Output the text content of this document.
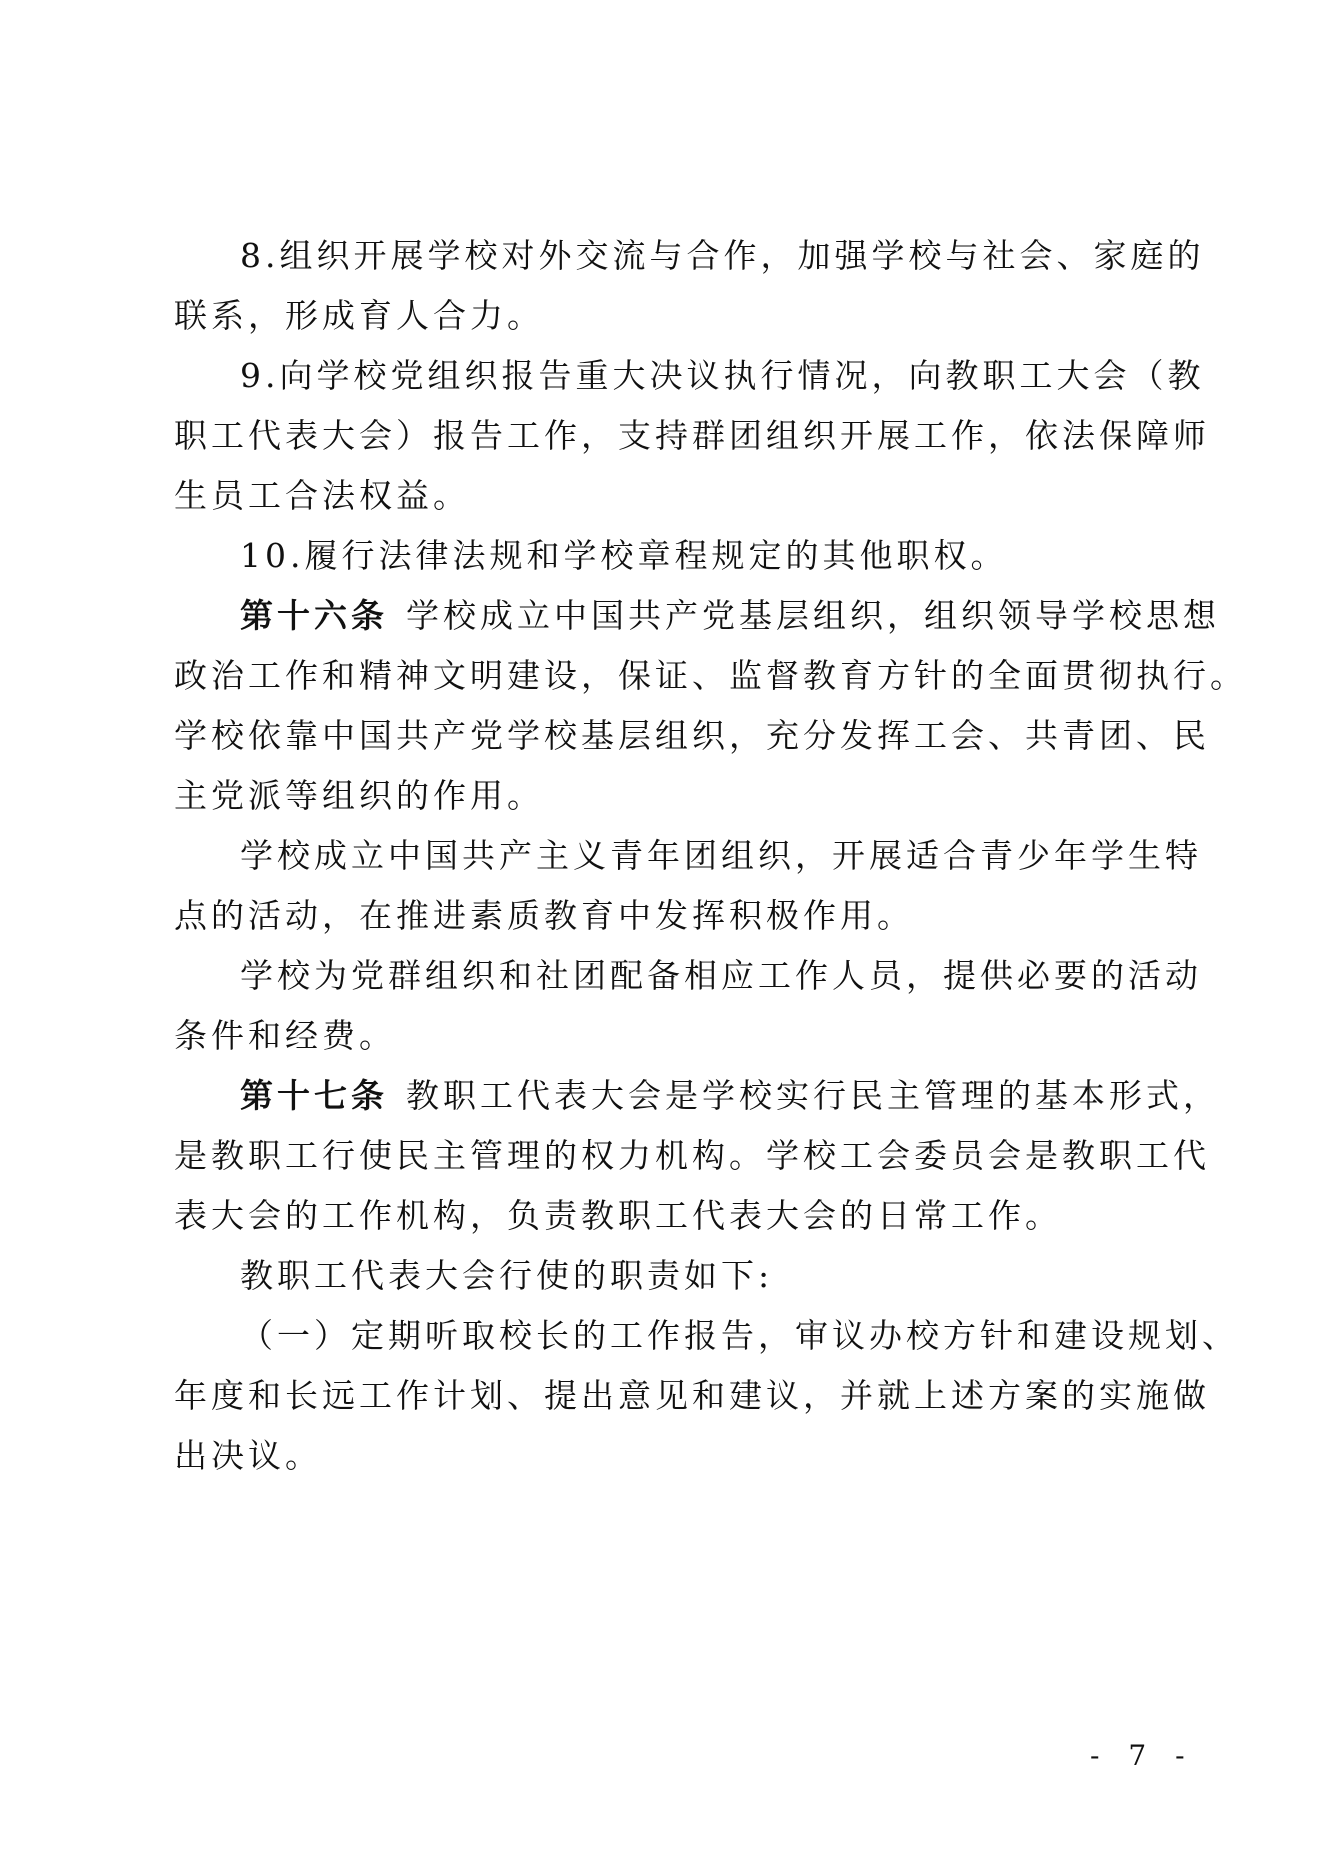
8.组织开展学校对外交流与合作，加强学校与社会、家庭的
联系，形成育人合力。
9.向学校党组织报告重大决议执行情况，向教职工大会（教
职工代表大会）报告工作，支持群团组织开展工作，依法保障师
生员工合法权益。
10.履行法律法规和学校章程规定的其他职权。
第十六条 学校成立中国共产党基层组织，组织领导学校思想
政治工作和精神文明建设，保证、监督教育方针的全面贯彻执行。
学校依靠中国共产党学校基层组织，充分发挥工会、共青团、民
主党派等组织的作用。
学校成立中国共产主义青年团组织，开展适合青少年学生特
点的活动，在推进素质教育中发挥积极作用。
学校为党群组织和社团配备相应工作人员，提供必要的活动
条件和经费。
第十七条 教职工代表大会是学校实行民主管理的基本形式，
是教职工行使民主管理的权力机构。学校工会委员会是教职工代
表大会的工作机构，负责教职工代表大会的日常工作。
教职工代表大会行使的职责如下:
（一）定期听取校长的工作报告，审议办校方针和建设规划、
年度和长远工作计划、提出意见和建议，并就上述方案的实施做
出决议。
- 7 -
